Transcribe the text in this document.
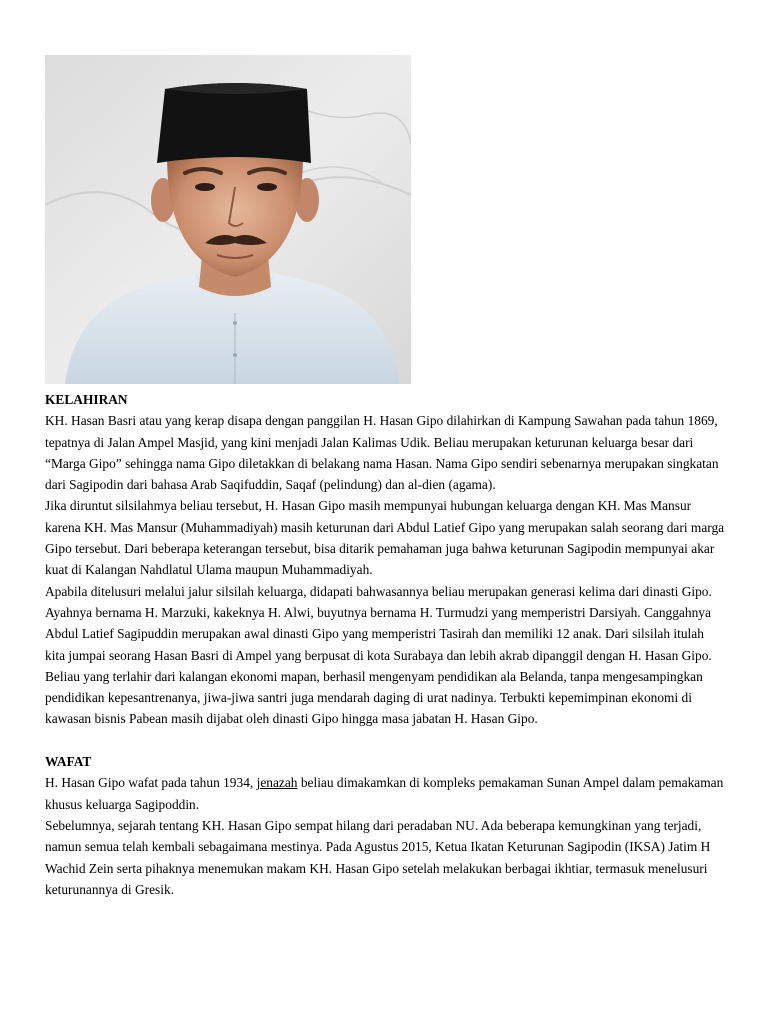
KELAHIRAN

KH. Hasan Basri atau yang kerap disapa dengan panggilan H. Hasan Gipo dilahirkan di Kampung Sawahan pada tahun 1869, tepatnya di Jalan Ampel Masjid, yang kini menjadi Jalan Kalimas Udik. Beliau merupakan keturunan keluarga besar dari “Marga Gipo” sehingga nama Gipo diletakkan di belakang nama Hasan. Nama Gipo sendiri sebenarnya merupakan singkatan dari Sagipodin dari bahasa Arab Saqifuddin, Saqaf (pelindung) dan al-dien (agama).

Jika diruntut silsilahmya beliau tersebut, H. Hasan Gipo masih mempunyai hubungan keluarga dengan KH. Mas Mansur karena KH. Mas Mansur (Muhammadiyah) masih keturunan dari Abdul Latief Gipo yang merupakan salah seorang dari marga Gipo tersebut. Dari beberapa keterangan tersebut, bisa ditarik pemahaman juga bahwa keturunan Sagipodin mempunyai akar kuat di Kalangan Nahdlatul Ulama maupun Muhammadiyah.

Apabila ditelusuri melalui jalur silsilah keluarga, didapati bahwasannya beliau merupakan generasi kelima dari dinasti Gipo. Ayahnya bernama H. Marzuki, kakeknya H. Alwi, buyutnya bernama H. Turmudzi yang memperistri Darsiyah. Canggahnya Abdul Latief Sagipuddin merupakan awal dinasti Gipo yang memperistri Tasirah dan memiliki 12 anak. Dari silsilah itulah kita jumpai seorang Hasan Basri di Ampel yang berpusat di kota Surabaya dan lebih akrab dipanggil dengan H. Hasan Gipo.

Beliau yang terlahir dari kalangan ekonomi mapan, berhasil mengenyam pendidikan ala Belanda, tanpa mengesampingkan pendidikan kepesantrenanya, jiwa-jiwa santri juga mendarah daging di urat nadinya. Terbukti kepemimpinan ekonomi di kawasan bisnis Pabean masih dijabat oleh dinasti Gipo hingga masa jabatan H. Hasan Gipo.

WAFAT

H. Hasan Gipo wafat pada tahun 1934, jenazah beliau dimakamkan di kompleks pemakaman Sunan Ampel dalam pemakaman khusus keluarga Sagipoddin.

Sebelumnya, sejarah tentang KH. Hasan Gipo sempat hilang dari peradaban NU. Ada beberapa kemungkinan yang terjadi, namun semua telah kembali sebagaimana mestinya. Pada Agustus 2015, Ketua Ikatan Keturunan Sagipodin (IKSA) Jatim H Wachid Zein serta pihaknya menemukan makam KH. Hasan Gipo setelah melakukan berbagai ikhtiar, termasuk menelusuri keturunannya di Gresik.
